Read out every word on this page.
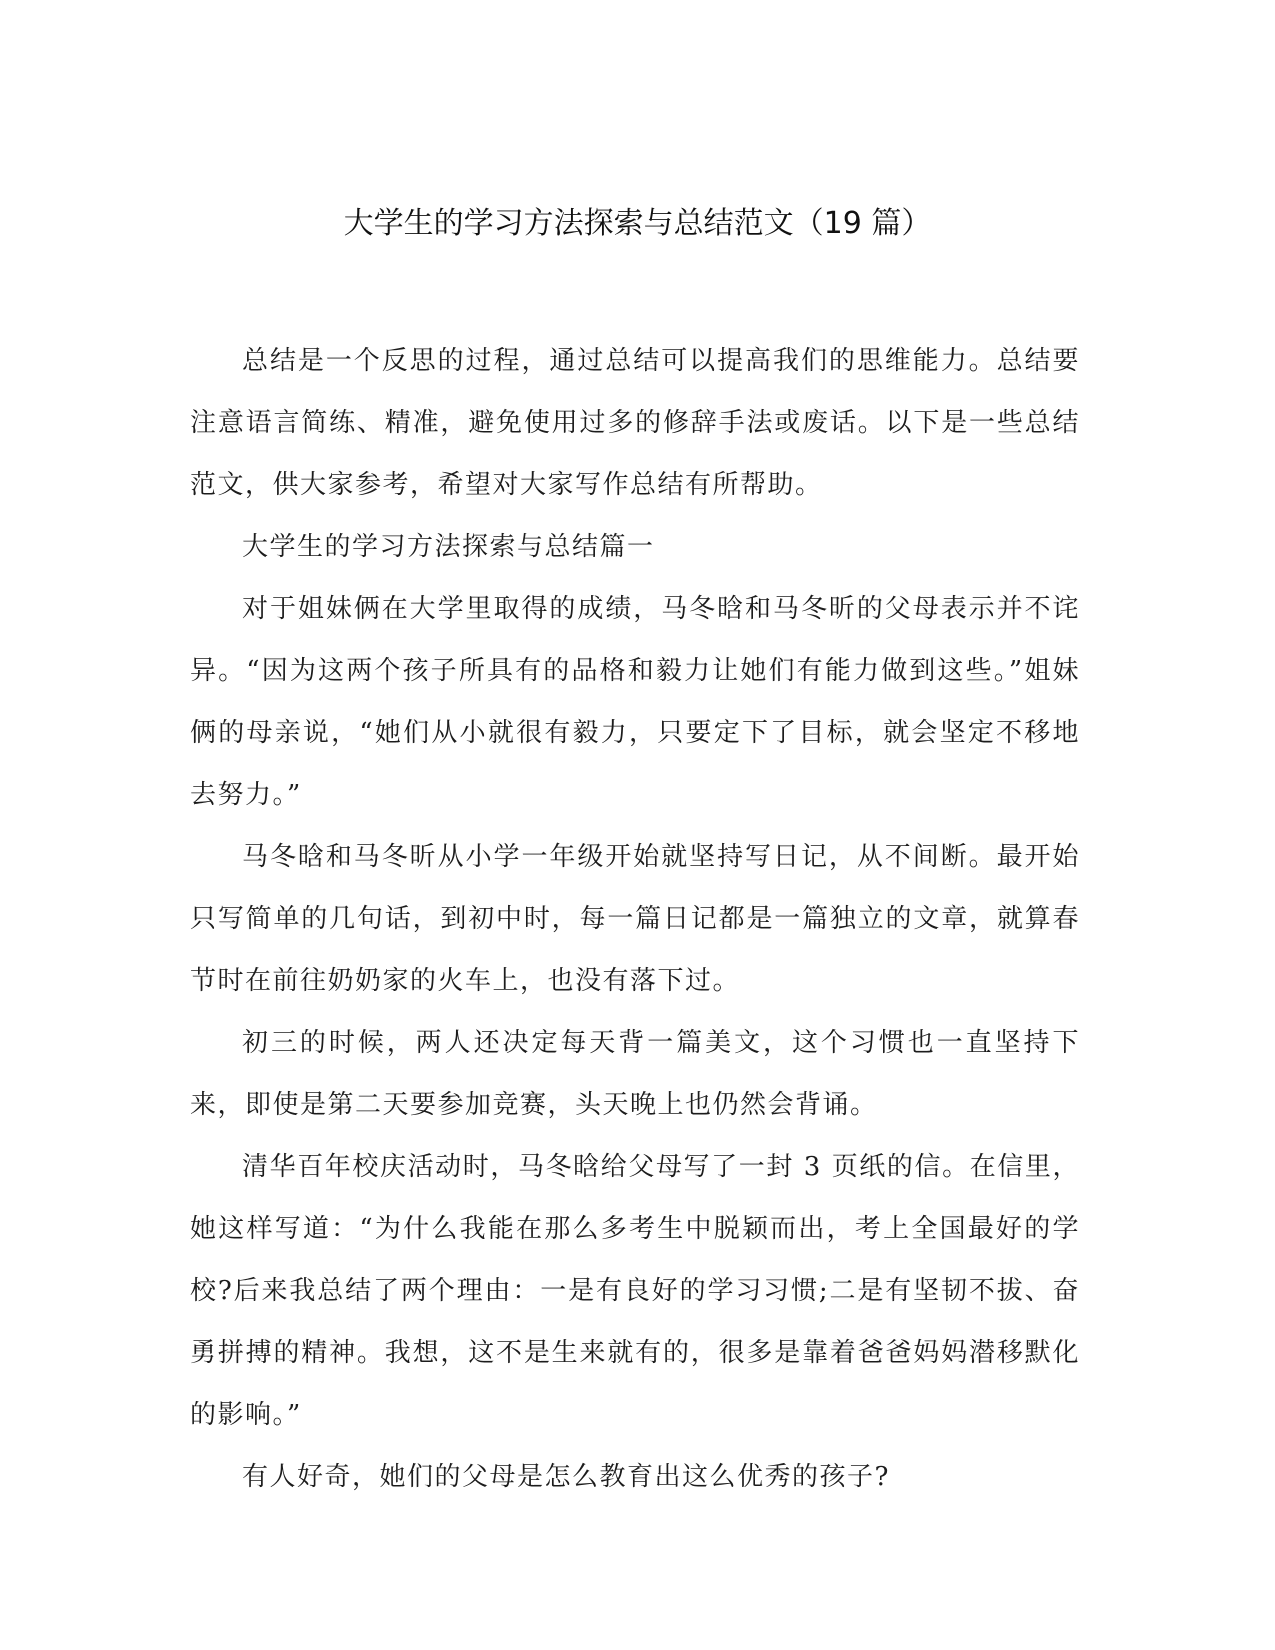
大学生的学习方法探索与总结范文（19 篇）

总结是一个反思的过程，通过总结可以提高我们的思维能力。总结要注意语言简练、精准，避免使用过多的修辞手法或废话。以下是一些总结范文，供大家参考，希望对大家写作总结有所帮助。

大学生的学习方法探索与总结篇一

对于姐妹俩在大学里取得的成绩，马冬晗和马冬昕的父母表示并不诧异。“因为这两个孩子所具有的品格和毅力让她们有能力做到这些。”姐妹俩的母亲说，“她们从小就很有毅力，只要定下了目标，就会坚定不移地去努力。”

马冬晗和马冬昕从小学一年级开始就坚持写日记，从不间断。最开始只写简单的几句话，到初中时，每一篇日记都是一篇独立的文章，就算春节时在前往奶奶家的火车上，也没有落下过。

初三的时候，两人还决定每天背一篇美文，这个习惯也一直坚持下来，即使是第二天要参加竞赛，头天晚上也仍然会背诵。

清华百年校庆活动时，马冬晗给父母写了一封 3 页纸的信。在信里，她这样写道：“为什么我能在那么多考生中脱颖而出，考上全国最好的学校?后来我总结了两个理由：一是有良好的学习习惯;二是有坚韧不拔、奋勇拼搏的精神。我想，这不是生来就有的，很多是靠着爸爸妈妈潜移默化的影响。”

有人好奇，她们的父母是怎么教育出这么优秀的孩子?
